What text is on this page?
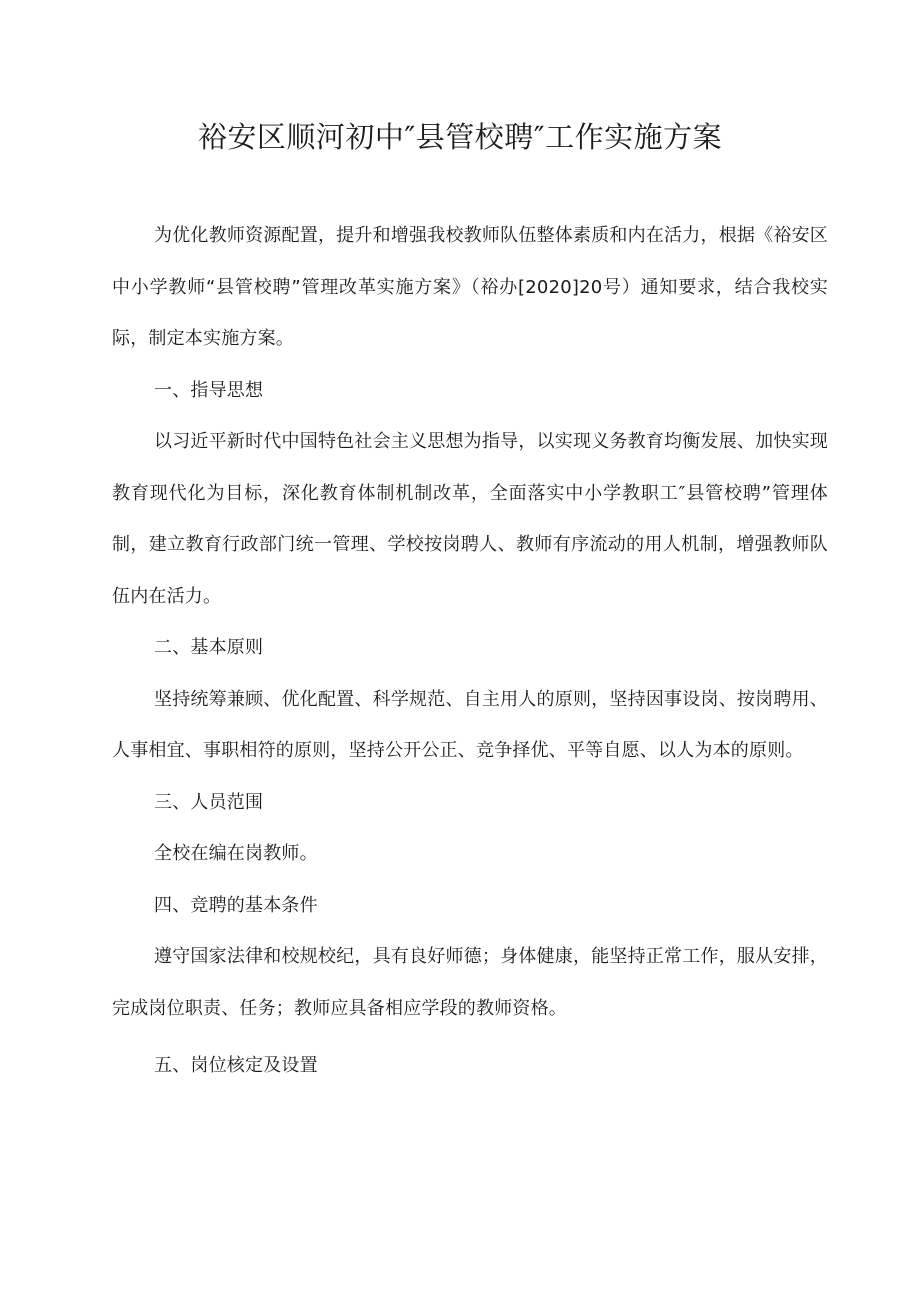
裕安区顺河初中″县管校聘″工作实施方案

为优化教师资源配置，提升和增强我校教师队伍整体素质和内在活力，根据《裕安区中小学教师“县管校聘”管理改革实施方案》（裕办[2020]20号）通知要求，结合我校实际，制定本实施方案。

一、指导思想

以习近平新时代中国特色社会主义思想为指导，以实现义务教育均衡发展、加快实现教育现代化为目标，深化教育体制机制改革，全面落实中小学教职工″县管校聘”管理体制，建立教育行政部门统一管理、学校按岗聘人、教师有序流动的用人机制，增强教师队伍内在活力。

二、基本原则

坚持统筹兼顾、优化配置、科学规范、自主用人的原则，坚持因事设岗、按岗聘用、人事相宜、事职相符的原则，坚持公开公正、竞争择优、平等自愿、以人为本的原则。

三、人员范围

全校在编在岗教师。

四、竞聘的基本条件

遵守国家法律和校规校纪，具有良好师德；身体健康，能坚持正常工作，服从安排，完成岗位职责、任务；教师应具备相应学段的教师资格。

五、岗位核定及设置
